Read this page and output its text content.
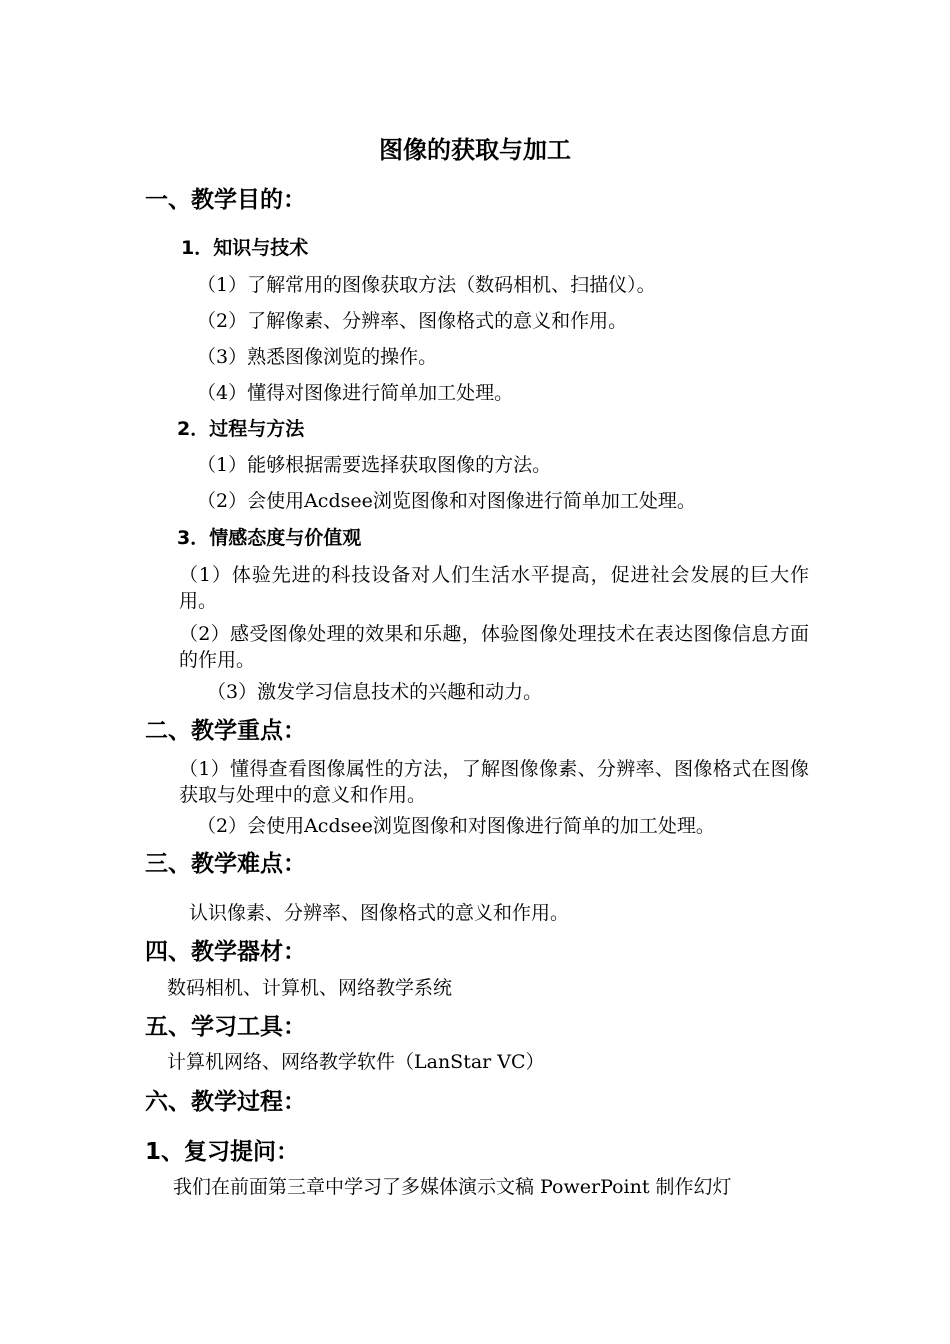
图像的获取与加工
一、教学目的：
1．知识与技术
（1）了解常用的图像获取方法（数码相机、扫描仪）。
（2）了解像素、分辨率、图像格式的意义和作用。
（3）熟悉图像浏览的操作。
（4）懂得对图像进行简单加工处理。
2．过程与方法
（1）能够根据需要选择获取图像的方法。
（2）会使用Acdsee浏览图像和对图像进行简单加工处理。
3．情感态度与价值观
（1）体验先进的科技设备对人们生活水平提高，促进社会发展的巨大作用。
（2）感受图像处理的效果和乐趣，体验图像处理技术在表达图像信息方面的作用。
（3）激发学习信息技术的兴趣和动力。
二、教学重点：
（1）懂得查看图像属性的方法，了解图像像素、分辨率、图像格式在图像获取与处理中的意义和作用。
（2）会使用Acdsee浏览图像和对图像进行简单的加工处理。
三、教学难点：
认识像素、分辨率、图像格式的意义和作用。
四、教学器材：
数码相机、计算机、网络教学系统
五、学习工具：
计算机网络、网络教学软件（LanStar VC）
六、教学过程：
1、复习提问：
我们在前面第三章中学习了多媒体演示文稿 PowerPoint 制作幻灯
